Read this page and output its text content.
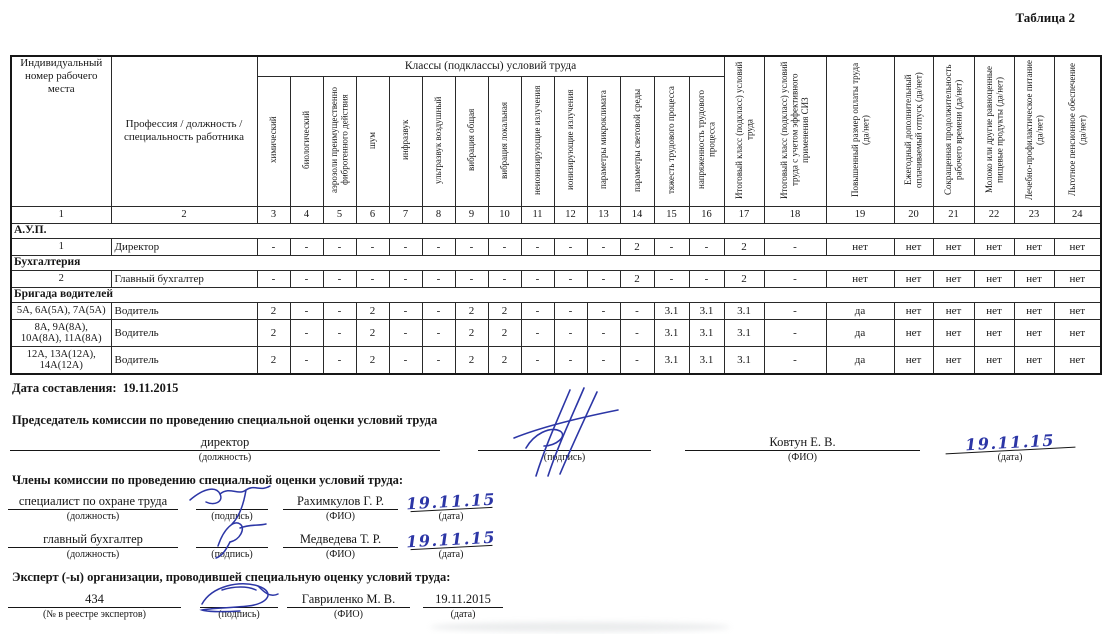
Таблица 2
Индивидуальный номер рабочего места	Профессия / должность / специальность работника	Классы (подклассы) условий труда														Итоговый класс (подкласс) условий труда	Итоговый класс (подкласс) условий труда с учетом эффективного применения СИЗ	Повышенный размер оплаты труда (да/нет)	Ежегодный дополнительный оплачиваемый отпуск (да/нет)	Сокращенная продолжительность рабочего времени (да/нет)	Молоко или другие равноценные пищевые продукты (да/нет)	Лечебно-профилактическое питание (да/нет)	Льготное пенсионное обеспечение (да/нет)
		химический	биологический	аэрозоли преимущественно фиброгенного действия	шум	инфразвук	ультразвук воздушный	вибрация общая	вибрация локальная	неионизирующие излучения	ионизирующие излучения	параметры микроклимата	параметры световой среды	тяжесть трудового процесса	напряженность трудового процесса								
1	2	3	4	5	6	7	8	9	10	11	12	13	14	15	16	17	18	19	20	21	22	23	24
А.У.П.																							
1	Директор	-	-	-	-	-	-	-	-	-	-	-	2	-	-	2	-	нет	нет	нет	нет	нет	нет
Бухгалтерия																							
2	Главный бухгалтер	-	-	-	-	-	-	-	-	-	-	-	2	-	-	2	-	нет	нет	нет	нет	нет	нет
Бригада водителей																							
5А, 6А(5А), 7А(5А)	Водитель	2	-	-	2	-	-	2	2	-	-	-	-	3.1	3.1	3.1	-	да	нет	нет	нет	нет	нет
8А, 9А(8А), 10А(8А), 11А(8А)	Водитель	2	-	-	2	-	-	2	2	-	-	-	-	3.1	3.1	3.1	-	да	нет	нет	нет	нет	нет
12А, 13А(12А), 14А(12А)	Водитель	2	-	-	2	-	-	2	2	-	-	-	-	3.1	3.1	3.1	-	да	нет	нет	нет	нет	нет
Дата составления: 19.11.2015
Председатель комиссии по проведению специальной оценки условий труда
директор
(должность)	(подпись)
Ковтун Е. В.
(ФИО)
19.11.15
(дата)
Члены комиссии по проведению специальной оценки условий труда:
специалист по охране труда
(должность)	(подпись)
Рахимкулов Г. Р.
(ФИО)
19.11.15
(дата)
главный бухгалтер
(должность)	(подпись)
Медведева Т. Р.
(ФИО)
19.11.15
(дата)
Эксперт (-ы) организации, проводившей специальную оценку условий труда:
434
(№ в реестре экспертов)	(подпись)
Гавриленко М. В.
(ФИО)
19.11.2015
(дата)
